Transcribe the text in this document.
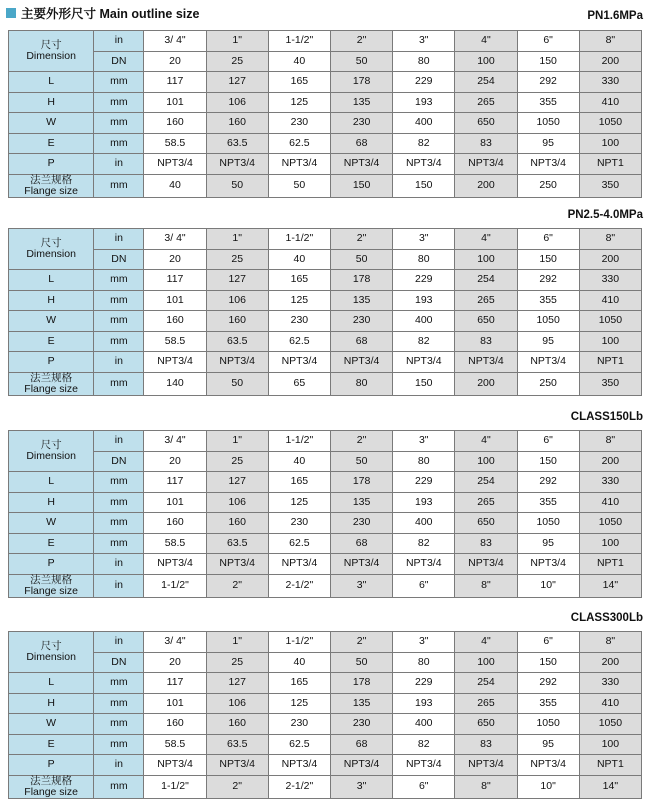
主要外形尺寸 Main outline size	PN1.6MPa
尺寸
Dimension	in	3/ 4"	1"	1-1/2"	2"	3"	4"	6"	8"
	DN	20	25	40	50	80	100	150	200
L	mm	117	127	165	178	229	254	292	330
H	mm	101	106	125	135	193	265	355	410
W	mm	160	160	230	230	400	650	1050	1050
E	mm	58.5	63.5	62.5	68	82	83	95	100
P	in	NPT3/4	NPT3/4	NPT3/4	NPT3/4	NPT3/4	NPT3/4	NPT3/4	NPT1

法兰规格
Flange size	mm	40	50	50	150	150	200	250	350
PN2.5-4.0MPa
尺寸
Dimension	in	3/ 4"	1"	1-1/2"	2"	3"	4"	6"	8"
	DN	20	25	40	50	80	100	150	200
L	mm	117	127	165	178	229	254	292	330
H	mm	101	106	125	135	193	265	355	410
W	mm	160	160	230	230	400	650	1050	1050
E	mm	58.5	63.5	62.5	68	82	83	95	100
P	in	NPT3/4	NPT3/4	NPT3/4	NPT3/4	NPT3/4	NPT3/4	NPT3/4	NPT1

法兰规格
Flange size	mm	140	50	65	80	150	200	250	350
CLASS150Lb
尺寸
Dimension	in	3/ 4"	1"	1-1/2"	2"	3"	4"	6"	8"
	DN	20	25	40	50	80	100	150	200
L	mm	117	127	165	178	229	254	292	330
H	mm	101	106	125	135	193	265	355	410
W	mm	160	160	230	230	400	650	1050	1050
E	mm	58.5	63.5	62.5	68	82	83	95	100
P	in	NPT3/4	NPT3/4	NPT3/4	NPT3/4	NPT3/4	NPT3/4	NPT3/4	NPT1

法兰规格
Flange size	in	1-1/2"	2"	2-1/2"	3"	6"	8"	10"	14"
CLASS300Lb
尺寸
Dimension	in	3/ 4"	1"	1-1/2"	2"	3"	4"	6"	8"
	DN	20	25	40	50	80	100	150	200
L	mm	117	127	165	178	229	254	292	330
H	mm	101	106	125	135	193	265	355	410
W	mm	160	160	230	230	400	650	1050	1050
E	mm	58.5	63.5	62.5	68	82	83	95	100
P	in	NPT3/4	NPT3/4	NPT3/4	NPT3/4	NPT3/4	NPT3/4	NPT3/4	NPT1

法兰规格
Flange size	mm	1-1/2"	2"	2-1/2"	3"	6"	8"	10"	14"
